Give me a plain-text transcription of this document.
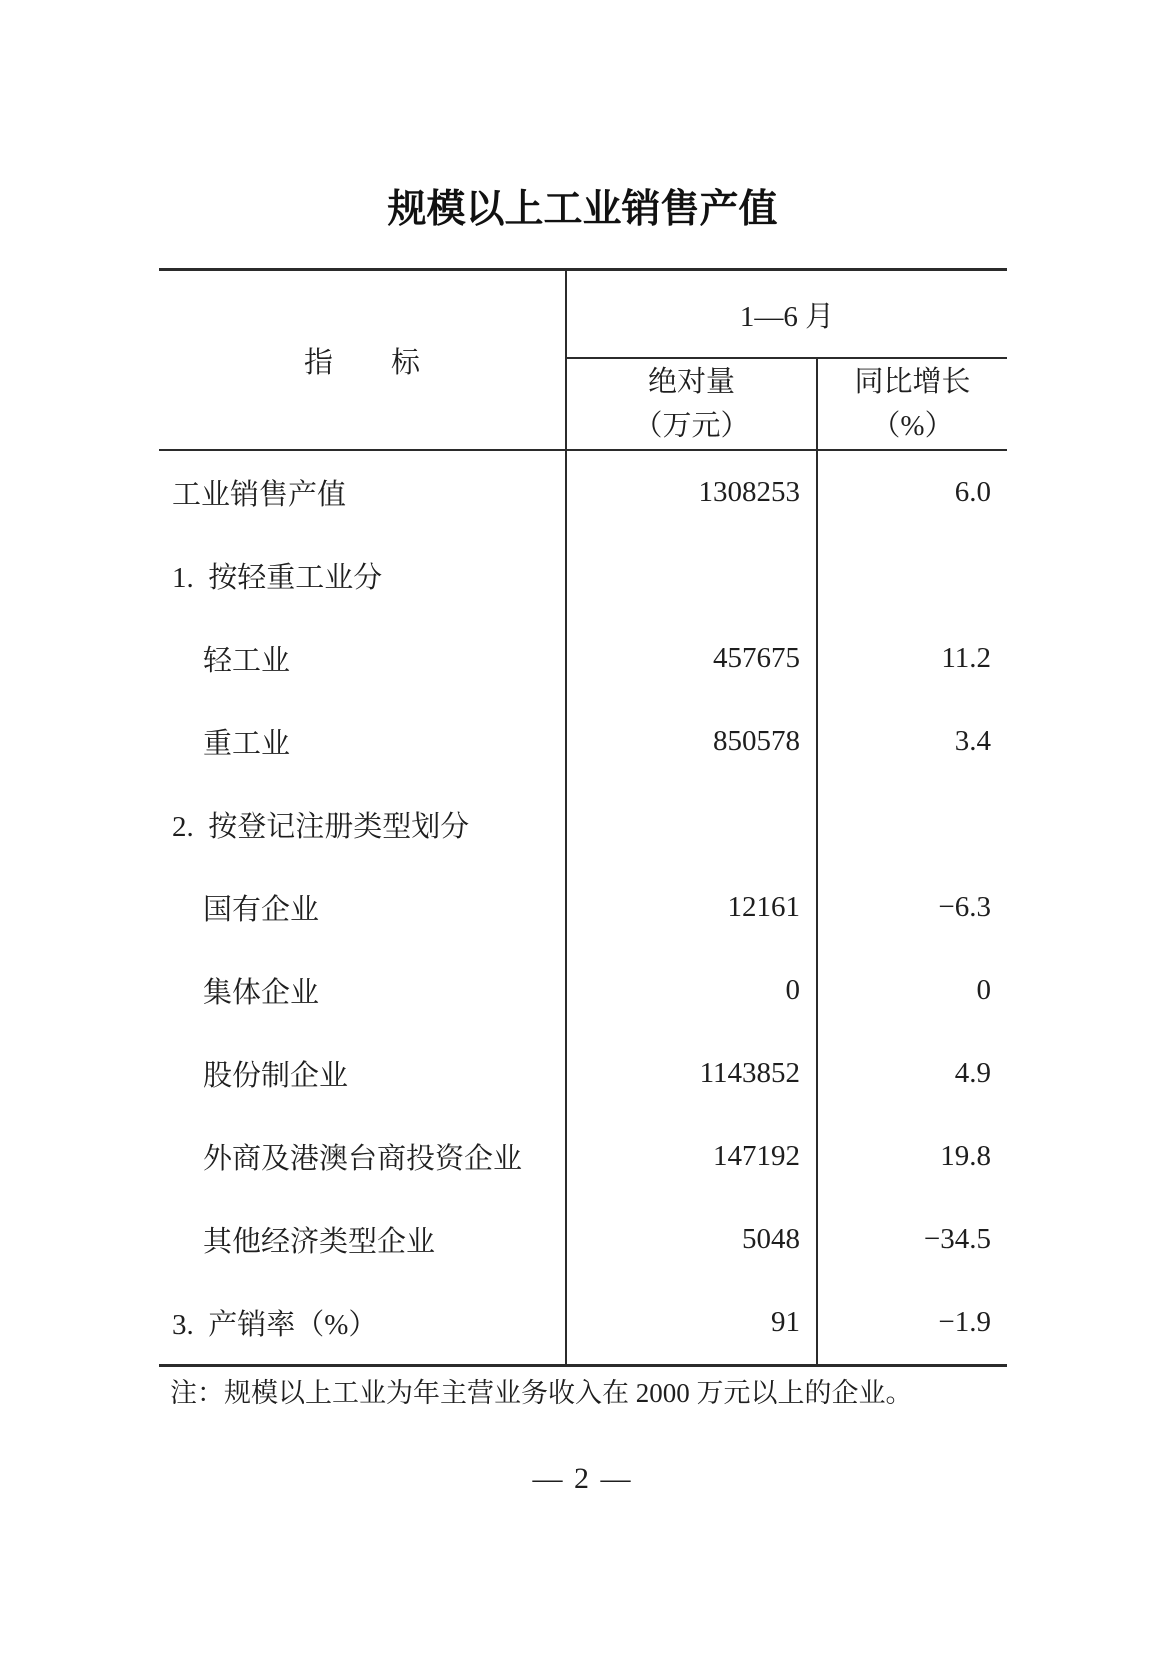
规模以上工业销售产值
指　　标
1—6 月
绝对量
（万元）
同比增长
（%）
工业销售产值	1308253	6.0
1. 按轻重工业分
轻工业	457675	11.2
重工业	850578	3.4
2. 按登记注册类型划分
国有企业	12161	−6.3
集体企业	0	0
股份制企业	1143852	4.9
外商及港澳台商投资企业	147192	19.8
其他经济类型企业	5048	−34.5
3. 产销率（%）	91	−1.9
注：规模以上工业为年主营业务收入在 2000 万元以上的企业。
— 2 —
